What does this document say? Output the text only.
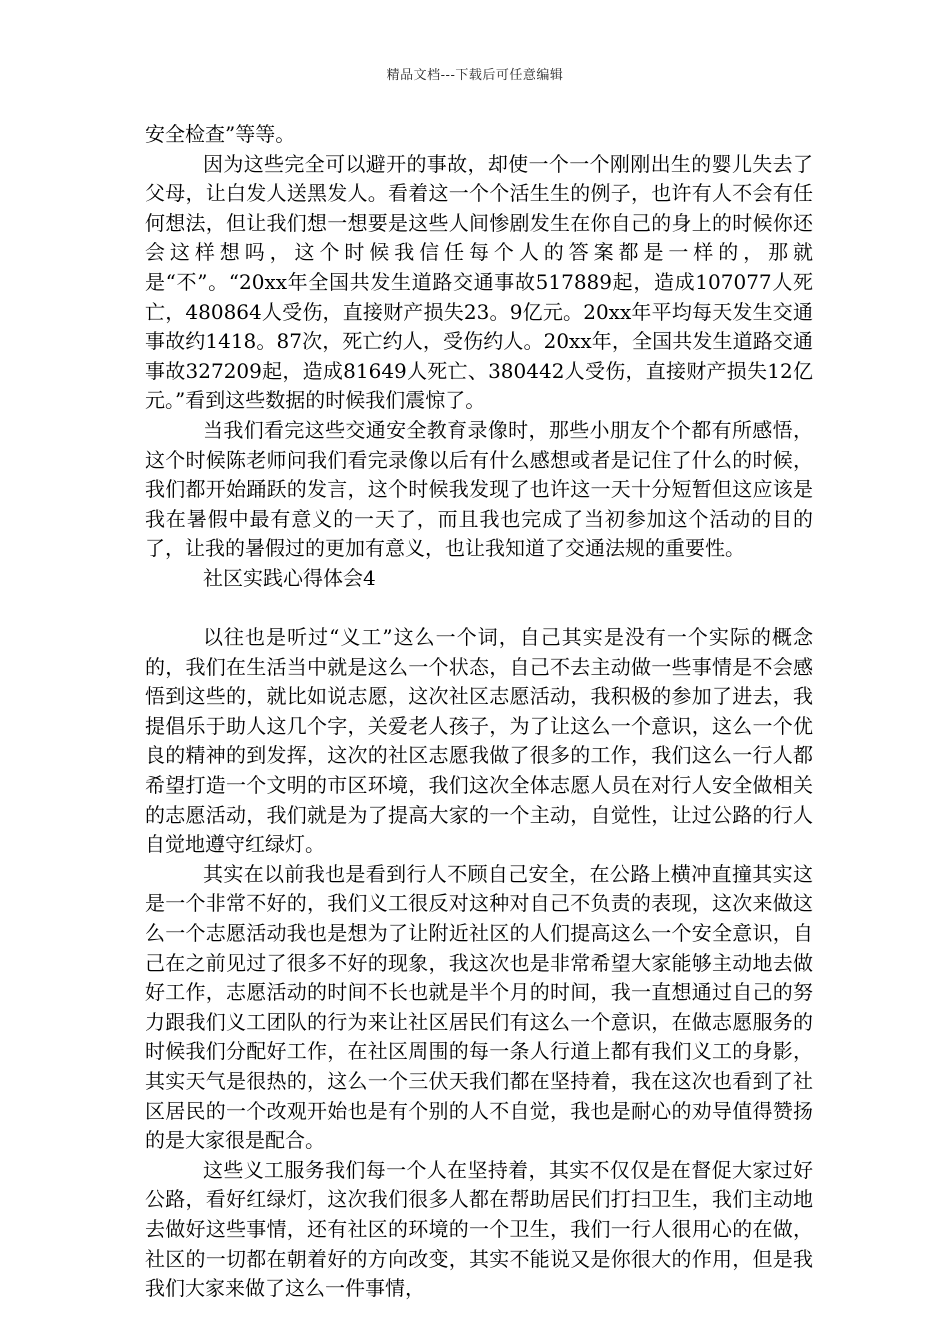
精品文档---下载后可任意编辑

安全检查”等等。

因为这些完全可以避开的事故，却使一个一个刚刚出生的婴儿失去了父母，让白发人送黑发人。看着这一个个活生生的例子，也许有人不会有任何想法，但让我们想一想要是这些人间惨剧发生在你自己的身上的时候你还会这样想吗，这个时候我信任每个人的答案都是一样的，那就是“不”。“20xx年全国共发生道路交通事故517889起，造成107077人死亡，480864人受伤，直接财产损失23。9亿元。20xx年平均每天发生交通事故约1418。87次，死亡约人，受伤约人。20xx年，全国共发生道路交通事故327209起，造成81649人死亡、380442人受伤，直接财产损失12亿元。”看到这些数据的时候我们震惊了。

当我们看完这些交通安全教育录像时，那些小朋友个个都有所感悟，这个时候陈老师问我们看完录像以后有什么感想或者是记住了什么的时候，我们都开始踊跃的发言，这个时候我发现了也许这一天十分短暂但这应该是我在暑假中最有意义的一天了，而且我也完成了当初参加这个活动的目的了，让我的暑假过的更加有意义，也让我知道了交通法规的重要性。

社区实践心得体会4

以往也是听过“义工”这么一个词，自己其实是没有一个实际的概念的，我们在生活当中就是这么一个状态，自己不去主动做一些事情是不会感悟到这些的，就比如说志愿，这次社区志愿活动，我积极的参加了进去，我提倡乐于助人这几个字，关爱老人孩子，为了让这么一个意识，这么一个优良的精神的到发挥，这次的社区志愿我做了很多的工作，我们这么一行人都希望打造一个文明的市区环境，我们这次全体志愿人员在对行人安全做相关的志愿活动，我们就是为了提高大家的一个主动，自觉性，让过公路的行人自觉地遵守红绿灯。

其实在以前我也是看到行人不顾自己安全，在公路上横冲直撞其实这是一个非常不好的，我们义工很反对这种对自己不负责的表现，这次来做这么一个志愿活动我也是想为了让附近社区的人们提高这么一个安全意识，自己在之前见过了很多不好的现象，我这次也是非常希望大家能够主动地去做好工作，志愿活动的时间不长也就是半个月的时间，我一直想通过自己的努力跟我们义工团队的行为来让社区居民们有这么一个意识，在做志愿服务的时候我们分配好工作，在社区周围的每一条人行道上都有我们义工的身影，其实天气是很热的，这么一个三伏天我们都在坚持着，我在这次也看到了社区居民的一个改观开始也是有个别的人不自觉，我也是耐心的劝导值得赞扬的是大家很是配合。

这些义工服务我们每一个人在坚持着，其实不仅仅是在督促大家过好公路，看好红绿灯，这次我们很多人都在帮助居民们打扫卫生，我们主动地去做好这些事情，还有社区的环境的一个卫生，我们一行人很用心的在做，社区的一切都在朝着好的方向改变，其实不能说又是你很大的作用，但是我我们大家来做了这么一件事情，
